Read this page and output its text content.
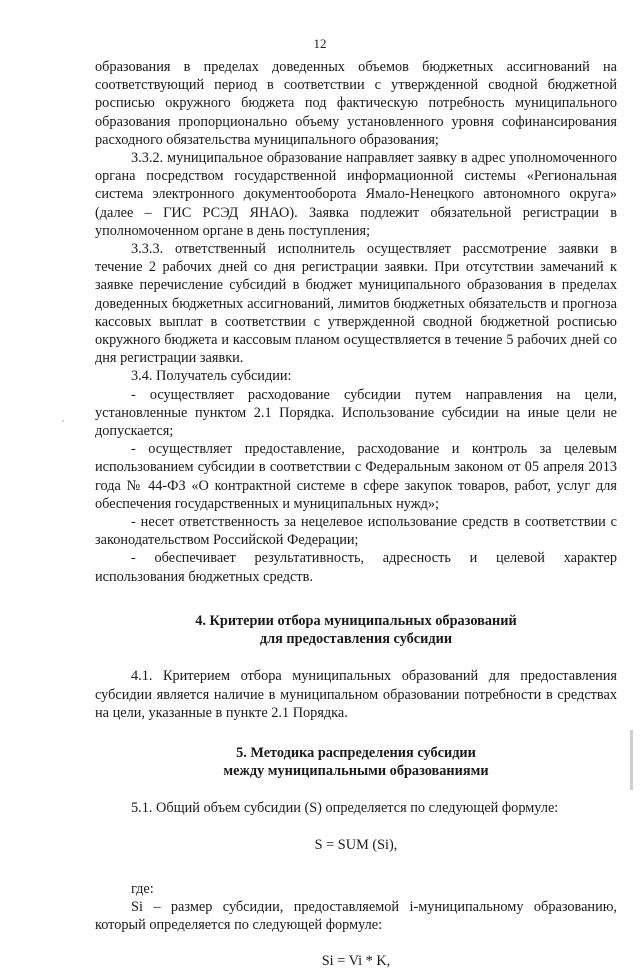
12

образования в пределах доведенных объемов бюджетных ассигнований на соответствующий период в соответствии с утвержденной сводной бюджетной росписью окружного бюджета под фактическую потребность муниципального образования пропорционально объему установленного уровня софинансирования расходного обязательства муниципального образования;

3.3.2. муниципальное образование направляет заявку в адрес уполномоченного органа посредством государственной информационной системы «Региональная система электронного документооборота Ямало-Ненецкого автономного округа» (далее – ГИС РСЭД ЯНАО). Заявка подлежит обязательной регистрации в уполномоченном органе в день поступления;

3.3.3. ответственный исполнитель осуществляет рассмотрение заявки в течение 2 рабочих дней со дня регистрации заявки. При отсутствии замечаний к заявке перечисление субсидий в бюджет муниципального образования в пределах доведенных бюджетных ассигнований, лимитов бюджетных обязательств и прогноза кассовых выплат в соответствии с утвержденной сводной бюджетной росписью окружного бюджета и кассовым планом осуществляется в течение 5 рабочих дней со дня регистрации заявки.

3.4. Получатель субсидии:

- осуществляет расходование субсидии путем направления на цели, установленные пунктом 2.1 Порядка. Использование субсидии на иные цели не допускается;

- осуществляет предоставление, расходование и контроль за целевым использованием субсидии в соответствии с Федеральным законом от 05 апреля 2013 года № 44-ФЗ «О контрактной системе в сфере закупок товаров, работ, услуг для обеспечения государственных и муниципальных нужд»;

- несет ответственность за нецелевое использование средств в соответствии с законодательством Российской Федерации;

- обеспечивает результативность, адресность и целевой характер использования бюджетных средств.

4. Критерии отбора муниципальных образований
для предоставления субсидии

4.1. Критерием отбора муниципальных образований для предоставления субсидии является наличие в муниципальном образовании потребности в средствах на цели, указанные в пункте 2.1 Порядка.

5. Методика распределения субсидии
между муниципальными образованиями

5.1. Общий объем субсидии (S) определяется по следующей формуле:

S = SUM (Si),

где:

Si – размер субсидии, предоставляемой i-муниципальному образованию, который определяется по следующей формуле:

Si = Vi * K,
